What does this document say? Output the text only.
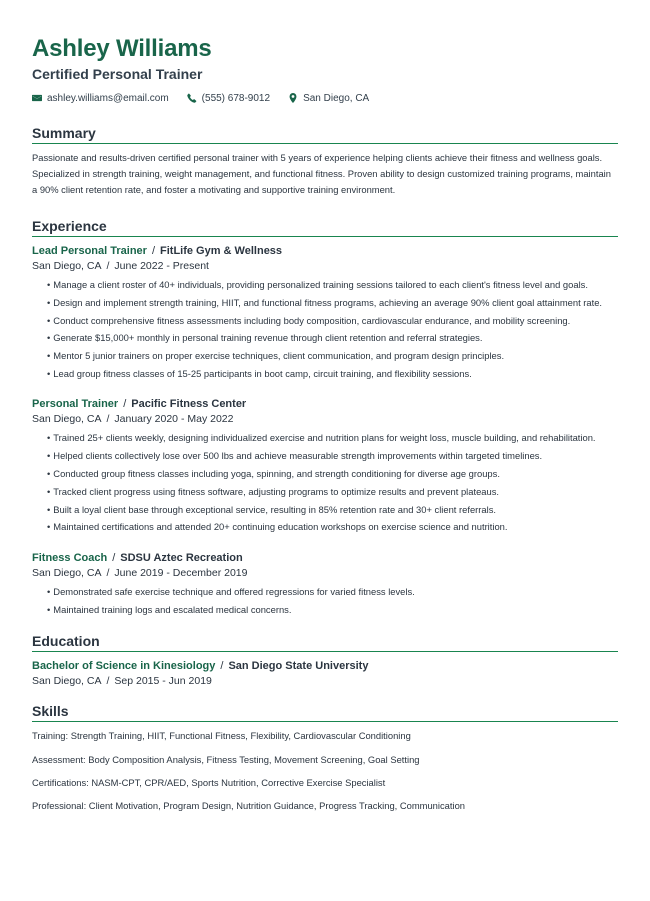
Ashley Williams
Certified Personal Trainer
ashley.williams@email.com	(555) 678-9012	San Diego, CA
Summary

Passionate and results-driven certified personal trainer with 5 years of experience helping clients achieve their fitness and wellness goals. Specialized in strength training, weight management, and functional fitness. Proven ability to design customized training programs, maintain a 90% client retention rate, and foster a motivating and supportive training environment.

Experience
Lead Personal Trainer / FitLife Gym & Wellness
San Diego, CA / June 2022 - Present
• Manage a client roster of 40+ individuals, providing personalized training sessions tailored to each client's fitness level and goals.
• Design and implement strength training, HIIT, and functional fitness programs, achieving an average 90% client goal attainment rate.
• Conduct comprehensive fitness assessments including body composition, cardiovascular endurance, and mobility screening.
• Generate $15,000+ monthly in personal training revenue through client retention and referral strategies.
• Mentor 5 junior trainers on proper exercise techniques, client communication, and program design principles.
• Lead group fitness classes of 15-25 participants in boot camp, circuit training, and flexibility sessions.
Personal Trainer / Pacific Fitness Center
San Diego, CA / January 2020 - May 2022
• Trained 25+ clients weekly, designing individualized exercise and nutrition plans for weight loss, muscle building, and rehabilitation.
• Helped clients collectively lose over 500 lbs and achieve measurable strength improvements within targeted timelines.
• Conducted group fitness classes including yoga, spinning, and strength conditioning for diverse age groups.
• Tracked client progress using fitness software, adjusting programs to optimize results and prevent plateaus.
• Built a loyal client base through exceptional service, resulting in 85% retention rate and 30+ client referrals.
• Maintained certifications and attended 20+ continuing education workshops on exercise science and nutrition.
Fitness Coach / SDSU Aztec Recreation
San Diego, CA / June 2019 - December 2019
• Demonstrated safe exercise technique and offered regressions for varied fitness levels.
• Maintained training logs and escalated medical concerns.
Education
Bachelor of Science in Kinesiology / San Diego State University
San Diego, CA / Sep 2015 - Jun 2019
Skills
Training: Strength Training, HIIT, Functional Fitness, Flexibility, Cardiovascular Conditioning
Assessment: Body Composition Analysis, Fitness Testing, Movement Screening, Goal Setting
Certifications: NASM-CPT, CPR/AED, Sports Nutrition, Corrective Exercise Specialist
Professional: Client Motivation, Program Design, Nutrition Guidance, Progress Tracking, Communication
